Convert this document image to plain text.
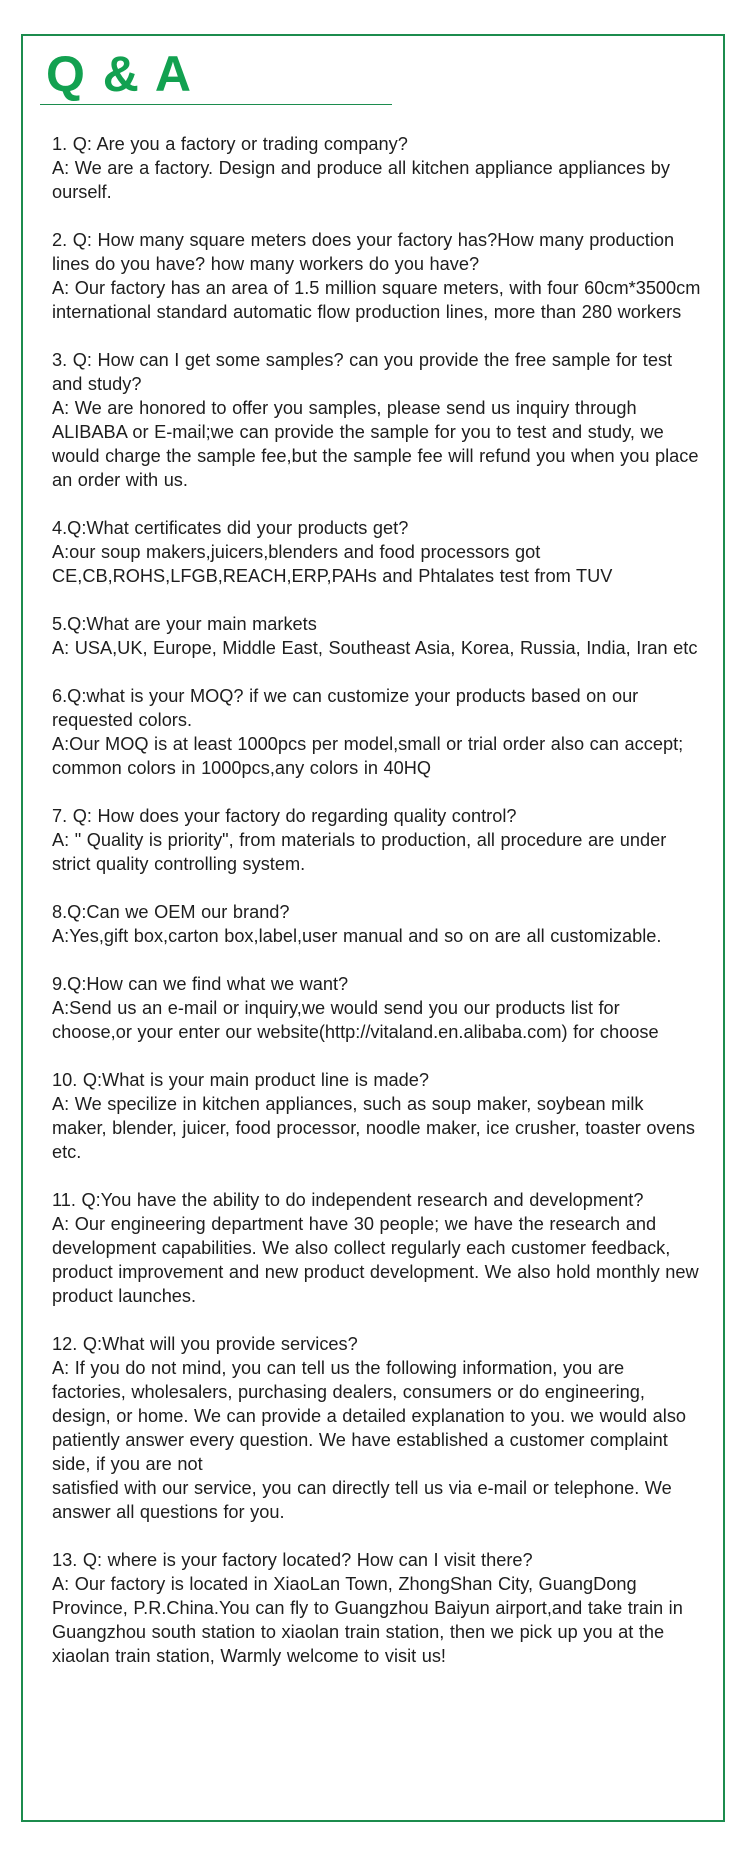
Q & A
1. Q: Are you a factory or trading company?
A: We are a factory. Design and produce all kitchen appliance appliances by ourself.
2. Q: How many square meters does your factory has?How many production lines do you have? how many workers do you have?
A: Our factory has an area of 1.5 million square meters, with four 60cm*3500cm international standard automatic flow production lines, more than 280 workers
3. Q: How can I get some samples? can you provide the free sample for test and study?
A: We are honored to offer you samples, please send us inquiry through ALIBABA or E-mail;we can provide the sample for you to test and study, we would charge the sample fee,but the sample fee will refund you when you place an order with us.
4.Q:What certificates did your products get?
A:our soup makers,juicers,blenders and food processors got CE,CB,ROHS,LFGB,REACH,ERP,PAHs and Phtalates test from TUV
5.Q:What are your main markets
A: USA,UK, Europe, Middle East, Southeast Asia, Korea, Russia, India, Iran etc
6.Q:what is your MOQ? if we can customize your products based on our requested colors.
A:Our MOQ is at least 1000pcs per model,small or trial order also can accept; common colors in 1000pcs,any colors in 40HQ
7. Q: How does your factory do regarding quality control?
A: " Quality is priority", from materials to production, all procedure are under strict quality controlling system.
8.Q:Can we OEM our brand?
A:Yes,gift box,carton box,label,user manual and so on are all customizable.
9.Q:How can we find what we want?
A:Send us an e-mail or inquiry,we would send you our products list for choose,or your enter our website(http://vitaland.en.alibaba.com) for choose
10. Q:What is your main product line is made?
A: We specilize in kitchen appliances, such as soup maker, soybean milk maker, blender, juicer, food processor, noodle maker, ice crusher, toaster ovens etc.
11. Q:You have the ability to do independent research and development?
A: Our engineering department have 30 people; we have the research and development capabilities. We also collect regularly each customer feedback, product improvement and new product development. We also hold monthly new
product launches.
12. Q:What will you provide services?
A: If you do not mind, you can tell us the following information, you are factories, wholesalers, purchasing dealers, consumers or do engineering, design, or home. We can provide a detailed explanation to you. we would also patiently answer every question. We have established a customer complaint side, if you are not
satisfied with our service, you can directly tell us via e-mail or telephone. We answer all questions for you.
13. Q: where is your factory located? How can I visit there?
A: Our factory is located in XiaoLan Town, ZhongShan City, GuangDong Province, P.R.China.You can fly to Guangzhou Baiyun airport,and take train in Guangzhou south station to xiaolan train station, then we pick up you at the xiaolan train station, Warmly welcome to visit us!
